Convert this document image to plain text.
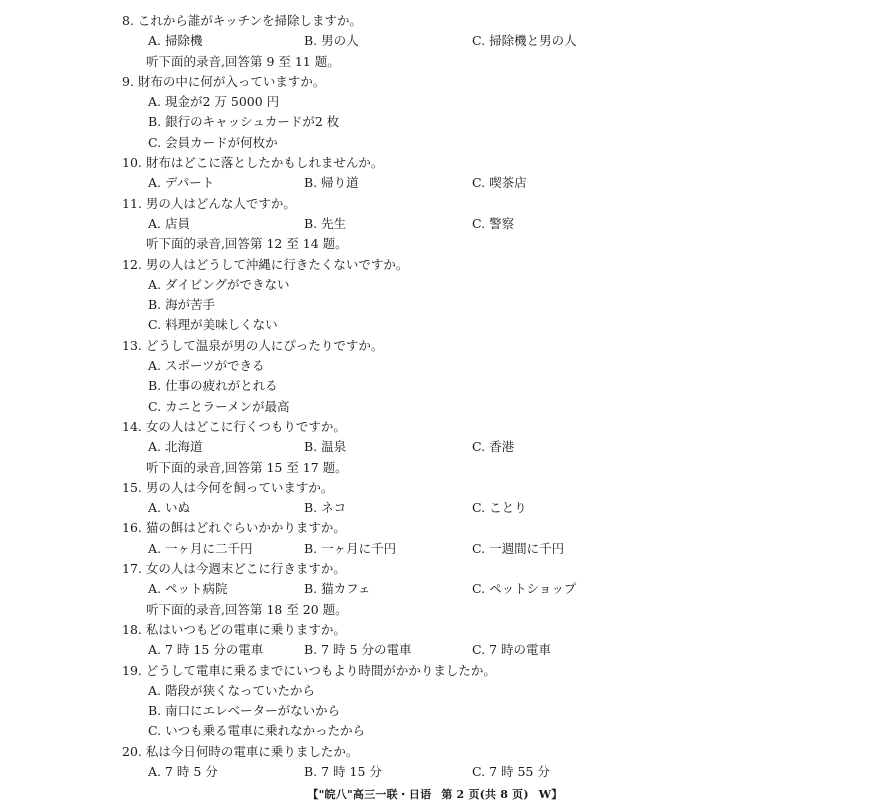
8. これから誰がキッチンを掃除しますか。
A. 掃除機	B. 男の人	C. 掃除機と男の人
听下面的录音,回答第 9 至 11 题。
9. 財布の中に何が入っていますか。
A. 現金が2 万 5000 円
B. 銀行のキャッシュカードが2 枚
C. 会員カードが何枚か
10. 財布はどこに落としたかもしれませんか。
A. デパート	B. 帰り道	C. 喫茶店
11. 男の人はどんな人ですか。
A. 店員	B. 先生	C. 警察
听下面的录音,回答第 12 至 14 题。
12. 男の人はどうして沖縄に行きたくないですか。
A. ダイビングができない
B. 海が苦手
C. 料理が美味しくない
13. どうして温泉が男の人にぴったりですか。
A. スポーツができる
B. 仕事の疲れがとれる
C. カニとラーメンが最高
14. 女の人はどこに行くつもりですか。
A. 北海道	B. 温泉	C. 香港
听下面的录音,回答第 15 至 17 题。
15. 男の人は今何を飼っていますか。
A. いぬ	B. ネコ	C. ことり
16. 猫の餌はどれぐらいかかりますか。
A. 一ヶ月に二千円	B. 一ヶ月に千円	C. 一週間に千円
17. 女の人は今週末どこに行きますか。
A. ペット病院	B. 猫カフェ	C. ペットショップ
听下面的录音,回答第 18 至 20 题。
18. 私はいつもどの電車に乗りますか。
A. 7 時 15 分の電車	B. 7 時 5 分の電車	C. 7 時の電車
19. どうして電車に乗るまでにいつもより時間がかかりましたか。
A. 階段が狭くなっていたから
B. 南口にエレベーターがないから
C. いつも乗る電車に乗れなかったから
20. 私は今日何時の電車に乗りましたか。
A. 7 時 5 分	B. 7 時 15 分	C. 7 時 55 分
【"皖八"高三一联・日语 第 2 页(共 8 页) W】
